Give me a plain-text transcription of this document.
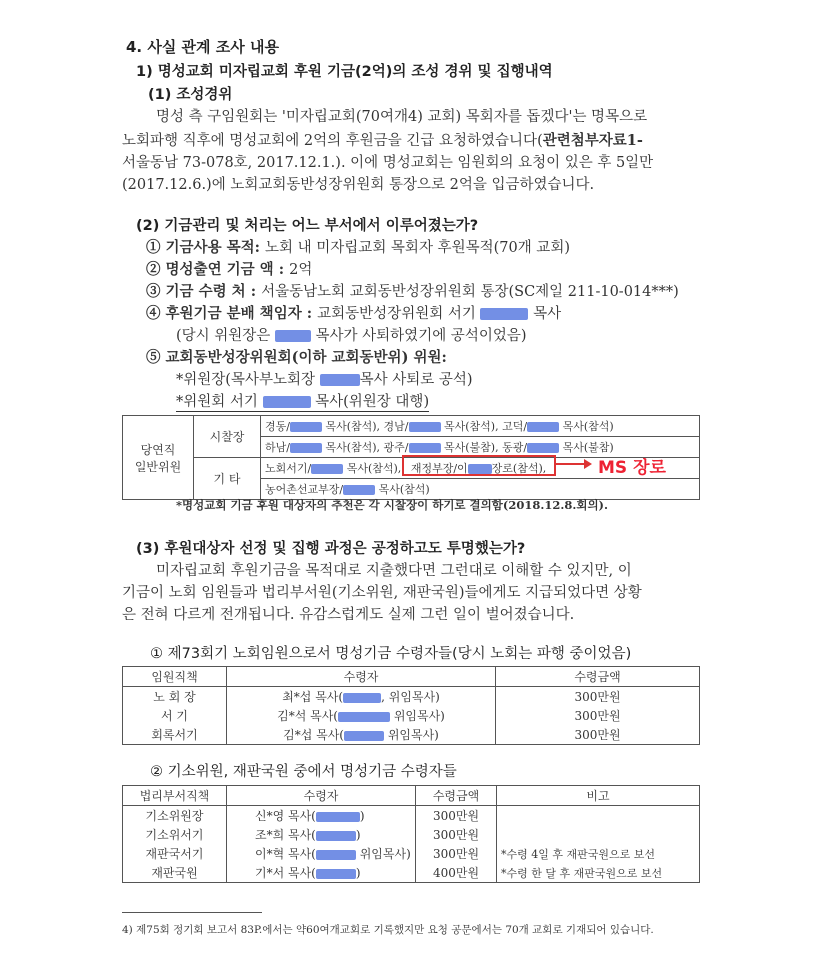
4. 사실 관계 조사 내용
1) 명성교회 미자립교회 후원 기금(2억)의 조성 경위 및 집행내역
(1) 조성경위
명성 측 구임원회는 '미자립교회(70여개4) 교회) 목회자를 돕겠다'는 명목으로
노회파행 직후에 명성교회에 2억의 후원금을 긴급 요청하였습니다(관련첨부자료1-
서울동남 73-078호, 2017.12.1.). 이에 명성교회는 임원회의 요청이 있은 후 5일만
(2017.12.6.)에 노회교회동반성장위원회 통장으로 2억을 입금하였습니다.
(2) 기금관리 및 처리는 어느 부서에서 이루어졌는가?
① 기금사용 목적: 노회 내 미자립교회 목회자 후원목적(70개 교회)
② 명성출연 기금 액 : 2억
③ 기금 수령 처 : 서울동남노회 교회동반성장위원회 통장(SC제일 211-10-014***)
④ 후원기금 분배 책임자 : 교회동반성장위원회 서기	목사
(당시 위원장은	목사가 사퇴하였기에 공석이었음)
⑤ 교회동반성장위원회(이하 교회동반위) 위원:
*위원장(목사부노회장	목사 사퇴로 공석)
*위원회 서기	목사(위원장 대행)
당연직
일반위원	시찰장	경동/ 목사(참석), 경남/ 목사(참석), 고덕/ 목사(참석)
		하남/ 목사(참석), 광주/ 목사(불참), 동광/ 목사(불참)
	기 타	노회서기/ 목사(참석), 재정부장/이 장로(참석),
		농어촌선교부장/ 목사(참석)
MS 장로
*명성교회 기금 후원 대상자의 추천은 각 시찰장이 하기로 결의함(2018.12.8.회의).
(3) 후원대상자 선정 및 집행 과정은 공정하고도 투명했는가?
미자립교회 후원기금을 목적대로 지출했다면 그런대로 이해할 수 있지만, 이
기금이 노회 임원들과 법리부서원(기소위원, 재판국원)들에게도 지급되었다면 상황
은 전혀 다르게 전개됩니다. 유감스럽게도 실제 그런 일이 벌어졌습니다.
① 제73회기 노회임원으로서 명성기금 수령자들(당시 노회는 파행 중이었음)
임원직책	수령자	수령금액
노 회 장	최*섭 목사( , 위임목사)	300만원
서 기	김*석 목사( 위임목사)	300만원
회록서기	김*섭 목사( 위임목사)	300만원
② 기소위원, 재판국원 중에서 명성기금 수령자들
법리부서직책	수령자	수령금액	비고
기소위원장	신*영 목사( )	300만원	
기소위서기	조*희 목사( )	300만원	
재판국서기	이*혁 목사( 위임목사)	300만원	*수령 4일 후 재판국원으로 보선
재판국원	기*서 목사( )	400만원	*수령 한 달 후 재판국원으로 보선
4) 제75회 정기회 보고서 83P.에서는 약60여개교회로 기록했지만 요청 공문에서는 70개 교회로 기재되어 있습니다.
